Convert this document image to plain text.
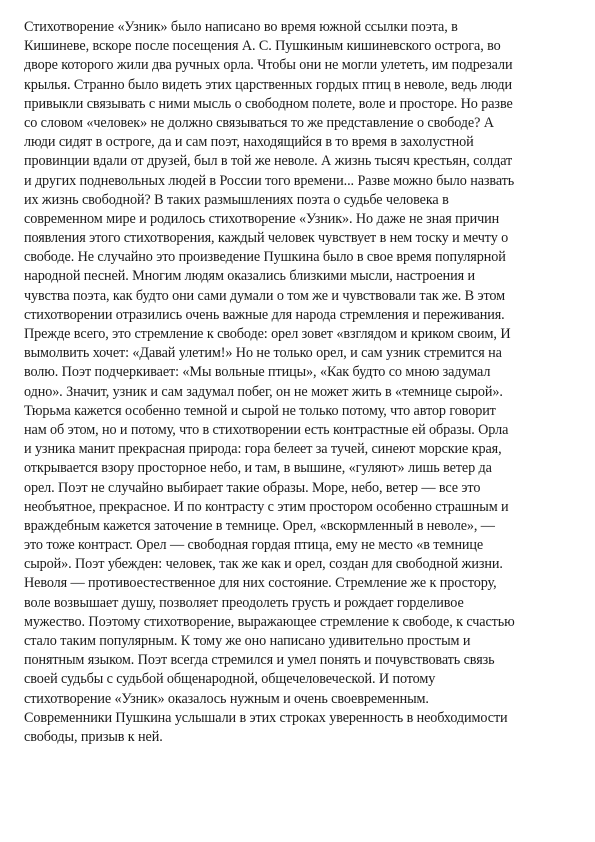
Стихотворение «Узник» было написано во время южной ссылки поэта, в
Кишиневе, вскоре после посещения А. С. Пушкиным кишиневского острога, во
дворе которого жили два ручных орла. Чтобы они не могли улететь, им подрезали
крылья. Странно было видеть этих царственных гордых птиц в неволе, ведь люди
привыкли связывать с ними мысль о свободном полете, воле и просторе. Но разве
со словом «человек» не должно связываться то же представление о свободе? А
люди сидят в остроге, да и сам поэт, находящийся в то время в захолустной
провинции вдали от друзей, был в той же неволе. А жизнь тысяч крестьян, солдат
и других подневольных людей в России того времени... Разве можно было назвать
их жизнь свободной? В таких размышлениях поэта о судьбе человека в
современном мире и родилось стихотворение «Узник». Но даже не зная причин
появления этого стихотворения, каждый человек чувствует в нем тоску и мечту о
свободе. Не случайно это произведение Пушкина было в свое время популярной
народной песней. Многим людям оказались близкими мысли, настроения и
чувства поэта, как будто они сами думали о том же и чувствовали так же. В этом
стихотворении отразились очень важные для народа стремления и переживания.
Прежде всего, это стремление к свободе: орел зовет «взглядом и криком своим, И
вымолвить хочет: «Давай улетим!» Но не только орел, и сам узник стремится на
волю. Поэт подчеркивает: «Мы вольные птицы», «Как будто со мною задумал
одно». Значит, узник и сам задумал побег, он не может жить в «темнице сырой».
Тюрьма кажется особенно темной и сырой не только потому, что автор говорит
нам об этом, но и потому, что в стихотворении есть контрастные ей образы. Орла
и узника манит прекрасная природа: гора белеет за тучей, синеют морские края,
открывается взору просторное небо, и там, в вышине, «гуляют» лишь ветер да
орел. Поэт не случайно выбирает такие образы. Море, небо, ветер — все это
необъятное, прекрасное. И по контрасту с этим простором особенно страшным и
враждебным кажется заточение в темнице. Орел, «вскормленный в неволе», —
это тоже контраст. Орел — свободная гордая птица, ему не место «в темнице
сырой». Поэт убежден: человек, так же как и орел, создан для свободной жизни.
Неволя — противоестественное для них состояние. Стремление же к простору,
воле возвышает душу, позволяет преодолеть грусть и рождает горделивое
мужество. Поэтому стихотворение, выражающее стремление к свободе, к счастью
стало таким популярным. К тому же оно написано удивительно простым и
понятным языком. Поэт всегда стремился и умел понять и почувствовать связь
своей судьбы с судьбой общенародной, общечеловеческой. И потому
стихотворение «Узник» оказалось нужным и очень своевременным.
Современники Пушкина услышали в этих строках уверенность в необходимости
свободы, призыв к ней.
